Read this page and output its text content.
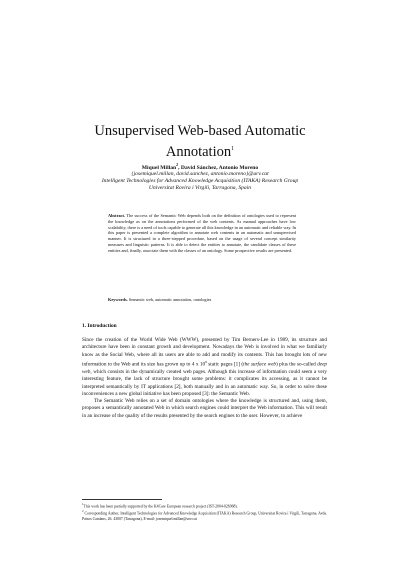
Unsupervised Web-based Automatic Annotation$^1$
Miquel Millan$^2$, David Sánchez, Antonio Moreno
{josemiquel.millan, david.sanchez, antonio.moreno}@urv.cat
Intelligent Technologies for Advanced Knowledge Acquisition (ITAKA) Research Group
Universitat Rovira i Virgili, Tarragona, Spain
Abstract. The success of the Semantic Web depends both on the definition of ontologies used to represent the knowledge as on the annotations performed of the web contents. As manual approaches have low scalability, there is a need of tools capable to generate all this knowledge in an automatic and reliable way. In this paper is presented a complete algorithm to annotate web contents in an automatic and unsupervised manner. It is structured in a three-stepped procedure, based on the usage of several concept similarity measures and linguistic patterns. It is able to detect the entities to annotate, the candidate classes of these entities and, finally, associate them with the classes of an ontology. Some prospective results are presented.
Keywords. Semantic web, automatic annotation, ontologies
1. Introduction

Since the creation of the World Wide Web (WWW), presented by Tim Berners-Lee in 1989, its structure and architecture have been in constant growth and development. Nowadays the Web is involved in what we familiarly know as the Social Web, where all its users are able to add and modify its contents. This has brought lots of new information to the Web and its size has grown up to 4 x $10^9$ static pages [1] (the surface web) plus the so-called deep web, which consists in the dynamically created web pages. Although this increase of information could seem a very interesting feature, the lack of structure brought some problems: it complicates its accessing, as it cannot be interpreted semantically by IT applications [2], both manually and in an automatic way. So, in order to solve these inconveniences a new global initiative has been proposed [3]: the Semantic Web.

The Semantic Web relies on a set of domain ontologies where the knowledge is structured and, using them, proposes a semantically annotated Web in which search engines could interpret the Web information. This will result in an increase of the quality of the results presented by the search engines to the user. However, to achieve

$^1$This work has been partially supported by the K4Care European research project (IST-2004-026968).

$^2$ Corresponding Author, Intelligent Technologies for Advanced Knowledge Acquisition (ITAKA) Research Group, Universitat Rovira i Virgili, Tarragona. Avda. Països Catalans, 26. 43007 (Tarragona), E-mail: josemiquel.millan@urv.cat
